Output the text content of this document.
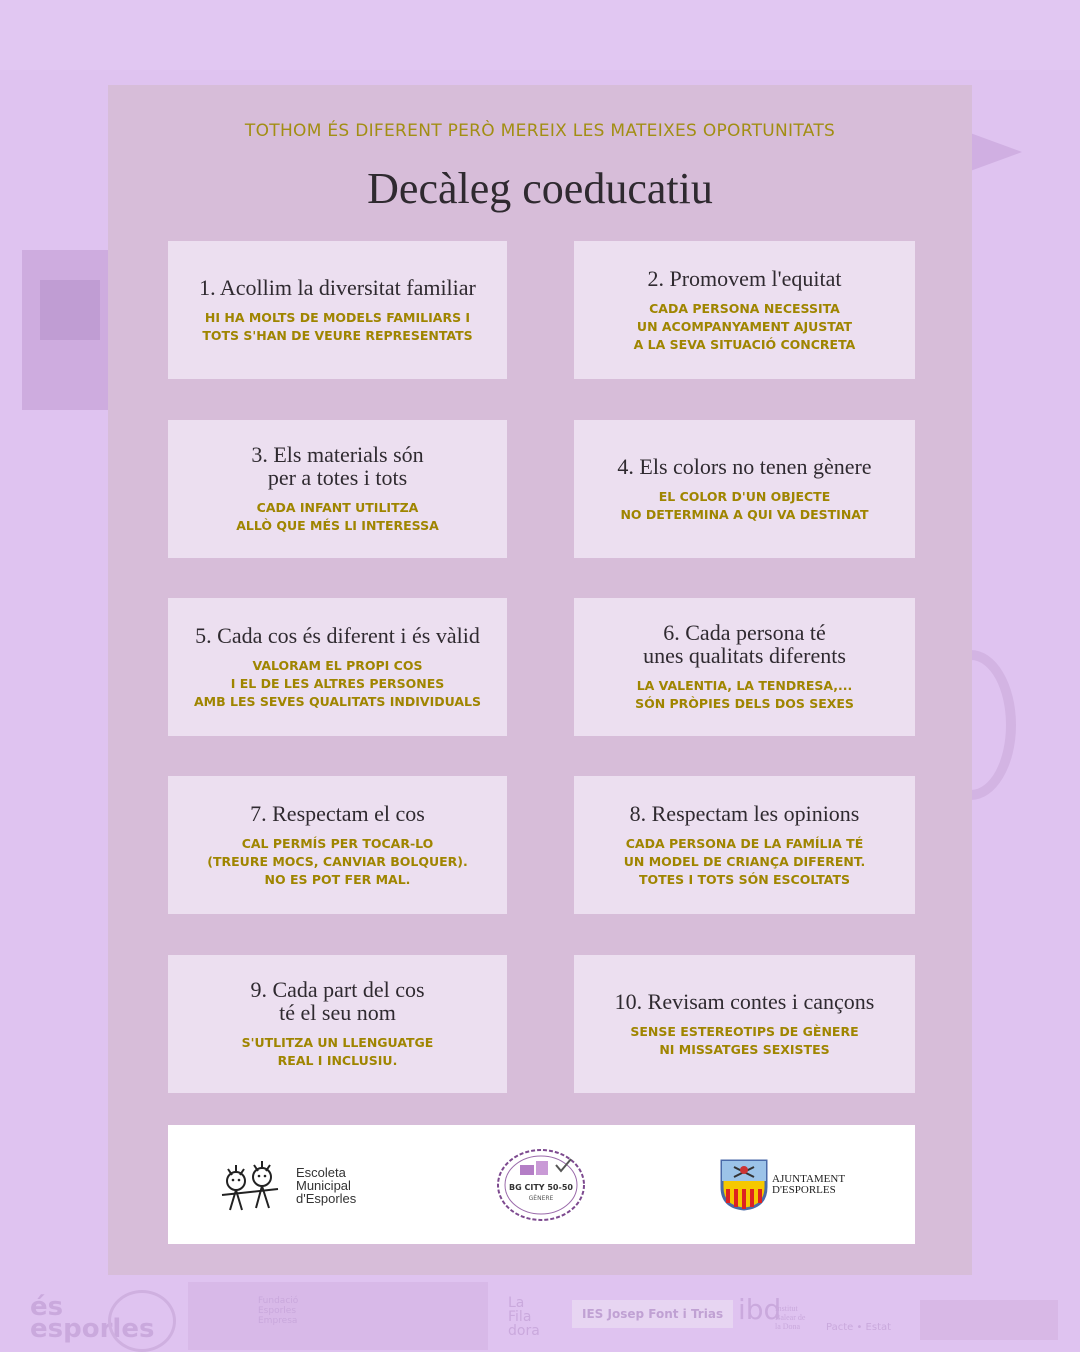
TOTHOM ÉS DIFERENT PERÒ MEREIX LES MATEIXES OPORTUNITATS
Decàleg coeducatiu
1. Acollim la diversitat familiar
HI HA MOLTS DE MODELS FAMILIARS I
TOTS S'HAN DE VEURE REPRESENTATS
2. Promovem l'equitat
CADA PERSONA NECESSITA
UN ACOMPANYAMENT AJUSTAT
A LA SEVA SITUACIÓ CONCRETA
3. Els materials són
per a totes i tots
CADA INFANT UTILITZA
ALLÒ QUE MÉS LI INTERESSA
4. Els colors no tenen gènere
EL COLOR D'UN OBJECTE
NO DETERMINA A QUI VA DESTINAT
5. Cada cos és diferent i és vàlid
VALORAM EL PROPI COS
I EL DE LES ALTRES PERSONES
AMB LES SEVES QUALITATS INDIVIDUALS
6. Cada persona té
unes qualitats diferents
LA VALENTIA, LA TENDRESA,...
SÓN PRÒPIES DELS DOS SEXES
7. Respectam el cos
CAL PERMÍS PER TOCAR-LO
(TREURE MOCS, CANVIAR BOLQUER).
NO ES POT FER MAL.
8. Respectam les opinions
CADA PERSONA DE LA FAMÍLIA TÉ
UN MODEL DE CRIANÇA DIFERENT.
TOTES I TOTS SÓN ESCOLTATS
9. Cada part del cos
té el seu nom
S'UTLITZA UN LLENGUATGE
REAL I INCLUSIU.
10. Revisam contes i cançons
SENSE ESTEREOTIPS DE GÈNERE
NI MISSATGES SEXISTES
Escoleta
Municipal
d'Esporles
BG CITY 50-50
GÈNERE
AJUNTAMENT
D'ESPORLES
és
esporles
Fundació
Esporles
Empresa
La
Fila
dora
IES Josep Font i Trias ibd
Institut
Balear de
la Dona	Pacte • Estat
